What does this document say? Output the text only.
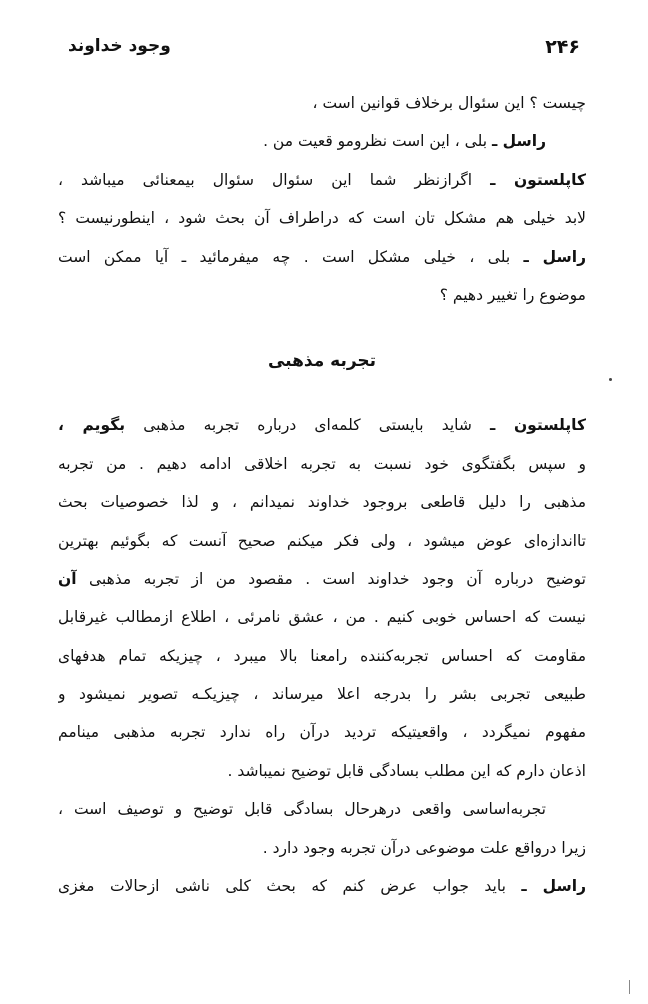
۲۴۶
وجود خداوند
چیست ؟ این سئوال برخلاف قوانین است ،
راسل ـ بلی ، این است نظرومو قعیت من .
کاپلستون ـ اگرازنظر شما این سئوال سئوال بیمعنائی میباشد ،
لابد خیلی هم مشکل تان است که دراطراف آن بحث شود ، اینطورنیست ؟
راسل ـ بلی ، خیلی مشکل است . چه میفرمائید ـ آیا ممکن است
موضوع را تغییر دهیم ؟
تجربه مذهبی
کاپلستون ـ شاید بایستی کلمه‌ای درباره تجربه مذهبی بگویم ،
و سپس بگفتگوی خود نسبت به تجربه اخلاقی ادامه دهیم . من تجربه
مذهبی را دلیل قاطعی بروجود خداوند نمیدانم ، و لذا خصوصیات بحث
تااندازه‌ای عوض میشود ، ولی فکر میکنم صحیح آنست که بگوئیم بهترین
توضیح درباره آن وجود خداوند است . مقصود من از تجربه مذهبی آن
نیست که احساس خوبی کنیم . من ، عشق نامرئی ، اطلاع ازمطالب غیرقابل
مقاومت که احساس تجربه‌کننده رامعنا بالا میبرد ، چیزیکه تمام هدفهای
طبیعی تجربی بشر را بدرجه اعلا میرساند ، چیزیکـه تصویر نمیشود و
مفهوم نمیگردد ، واقعیتیکه تردید درآن راه ندارد تجربه مذهبی مینامم
اذعان دارم که این مطلب بسادگی قابل توضیح نمیباشد .
تجربه‌اساسی واقعی درهرحال بسادگی قابل توضیح و توصیف است ،
زیرا درواقع علت موضوعی درآن تجربه وجود دارد .
راسل ـ باید جواب عرض کنم که بحث کلی ناشی ازحالات مغزی
